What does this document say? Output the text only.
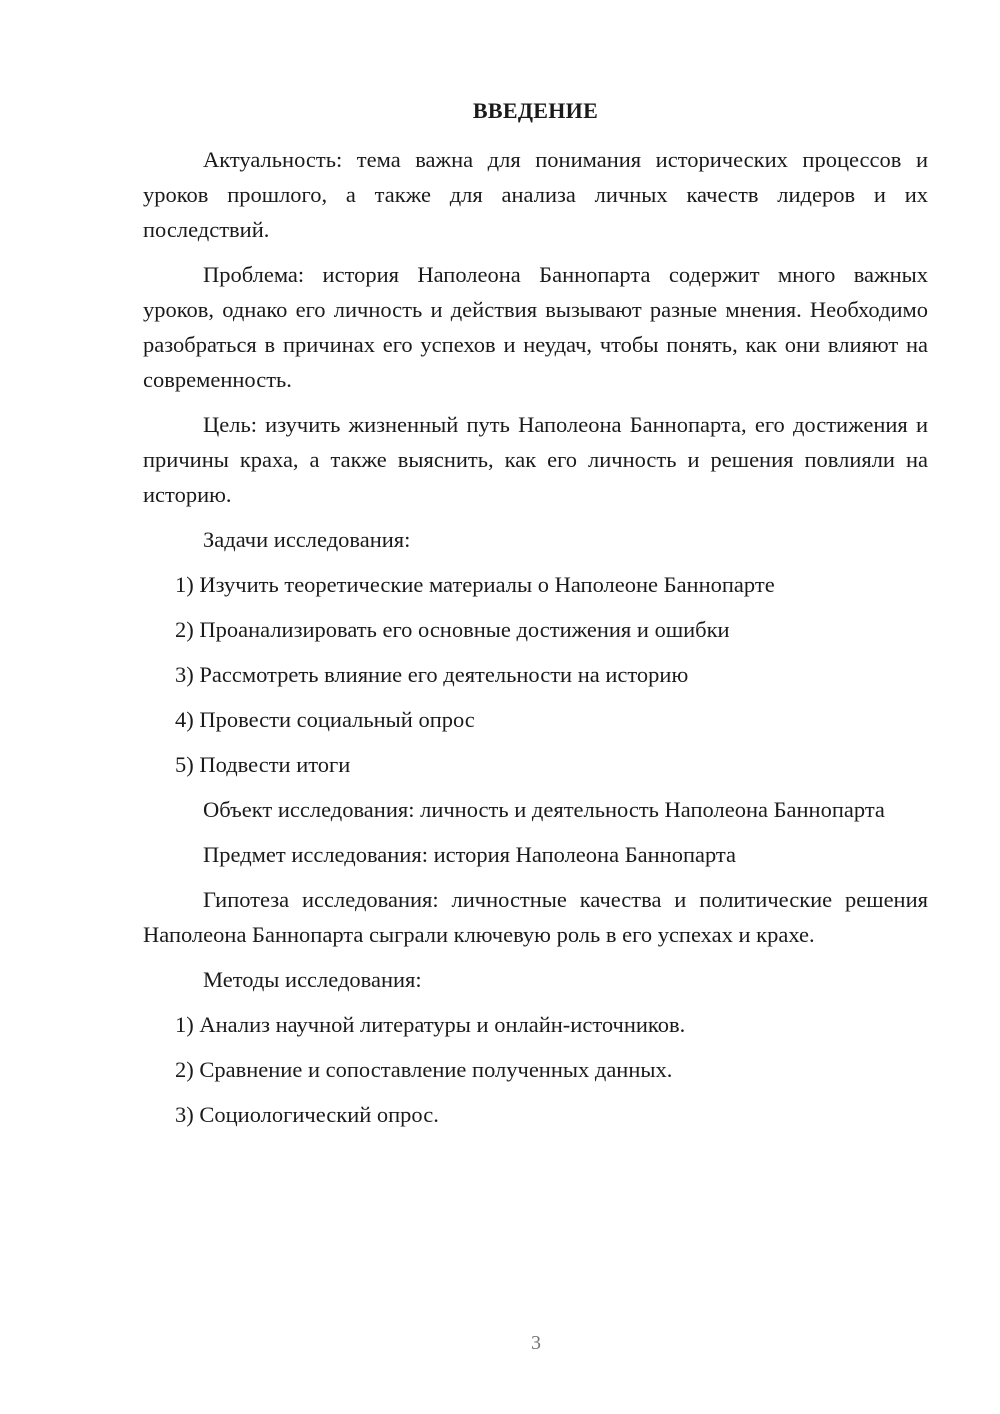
ВВЕДЕНИЕ

Актуальность: тема важна для понимания исторических процессов и уроков прошлого, а также для анализа личных качеств лидеров и их последствий.

Проблема: история Наполеона Баннопарта содержит много важных уроков, однако его личность и действия вызывают разные мнения. Необходимо разобраться в причинах его успехов и неудач, чтобы понять, как они влияют на современность.

Цель: изучить жизненный путь Наполеона Баннопарта, его достижения и причины краха, а также выяснить, как его личность и решения повлияли на историю.

Задачи исследования:

1) Изучить теоретические материалы о Наполеоне Баннопарте
2) Проанализировать его основные достижения и ошибки
3) Рассмотреть влияние его деятельности на историю
4) Провести социальный опрос
5) Подвести итоги

Объект исследования: личность и деятельность Наполеона Баннопарта

Предмет исследования: история Наполеона Баннопарта

Гипотеза исследования: личностные качества и политические решения Наполеона Баннопарта сыграли ключевую роль в его успехах и крахе.

Методы исследования:

1) Анализ научной литературы и онлайн-источников.
2) Сравнение и сопоставление полученных данных.
3) Социологический опрос.
3
